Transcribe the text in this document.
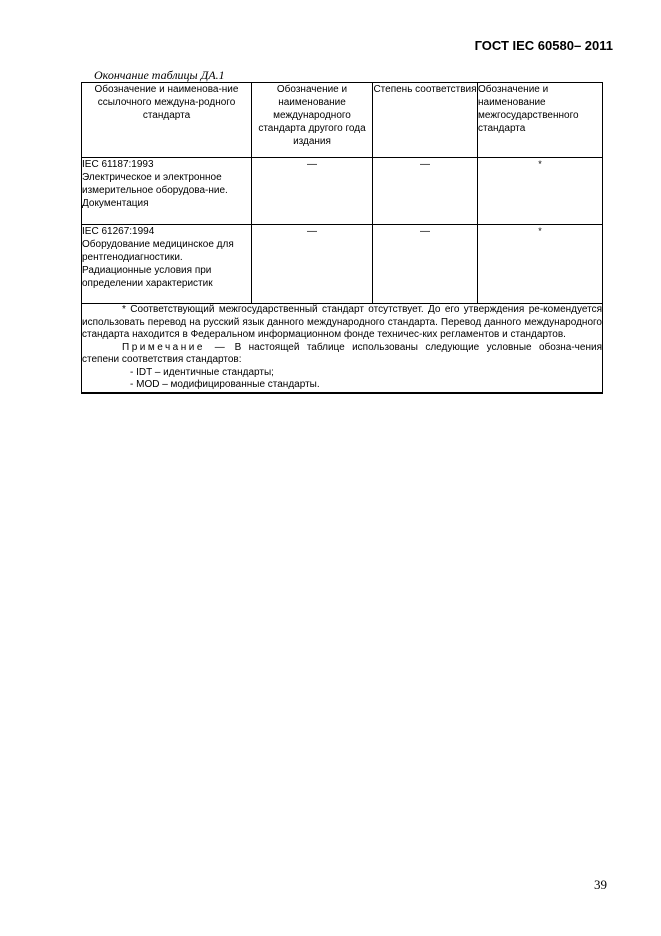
ГОСТ IEC 60580– 2011
Окончание таблицы ДА.1
Обозначение и наименова-ние ссылочного междуна-родного стандарта	Обозначение и наименование международного стандарта другого года издания	Степень соответствия	Обозначение и наименование межгосударственного стандарта

IEC 61187:1993
Электрическое и электронное измерительное оборудова-ние. Документация	—	—	*

IEC 61267:1994
Оборудование медицинское для рентгенодиагностики. Радиационные условия при определении характеристик	—	—	*

* Соответствующий межгосударственный стандарт отсутствует. До его утверждения ре-комендуется использовать перевод на русский язык данного международного стандарта. Перевод данного международного стандарта находится в Федеральном информационном фонде техничес-ких регламентов и стандартов.
Примечание — В настоящей таблице использованы следующие условные обозна-чения степени соответствия стандартов:
- IDT – идентичные стандарты;
- MOD – модифицированные стандарты.			
39
